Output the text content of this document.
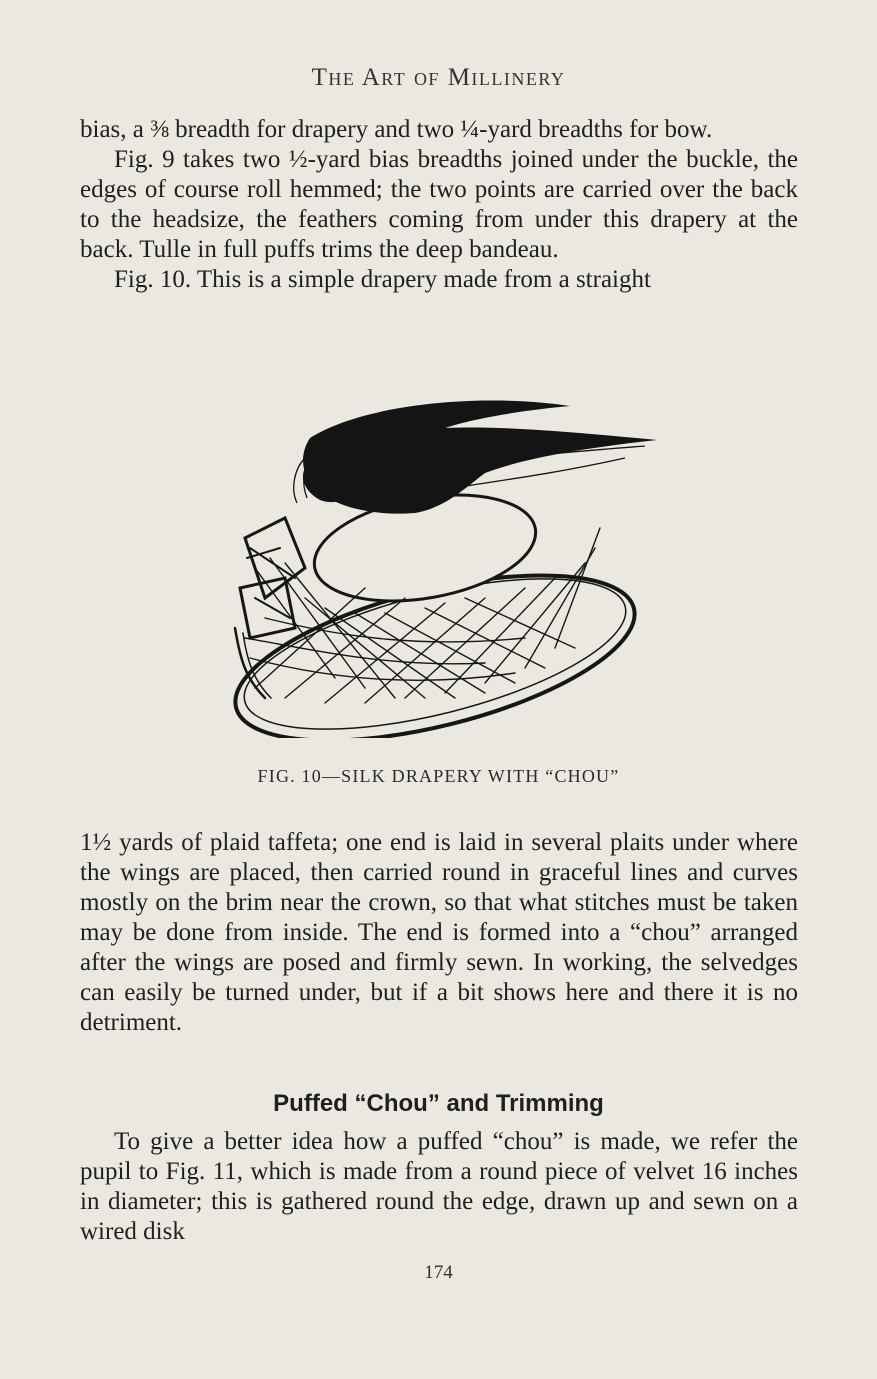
The Art of Millinery

bias, a ⅜ breadth for drapery and two ¼-yard breadths for bow.

Fig. 9 takes two ½-yard bias breadths joined under the buckle, the edges of course roll hemmed; the two points are carried over the back to the headsize, the feathers coming from under this drapery at the back. Tulle in full puffs trims the deep bandeau.

Fig. 10. This is a simple drapery made from a straight

FIG. 10—SILK DRAPERY WITH “CHOU”

1½ yards of plaid taffeta; one end is laid in several plaits under where the wings are placed, then carried round in graceful lines and curves mostly on the brim near the crown, so that what stitches must be taken may be done from inside. The end is formed into a “chou” arranged after the wings are posed and firmly sewn. In working, the selvedges can easily be turned under, but if a bit shows here and there it is no detriment.

Puffed “Chou” and Trimming

To give a better idea how a puffed “chou” is made, we refer the pupil to Fig. 11, which is made from a round piece of velvet 16 inches in diameter; this is gathered round the edge, drawn up and sewn on a wired disk

174
